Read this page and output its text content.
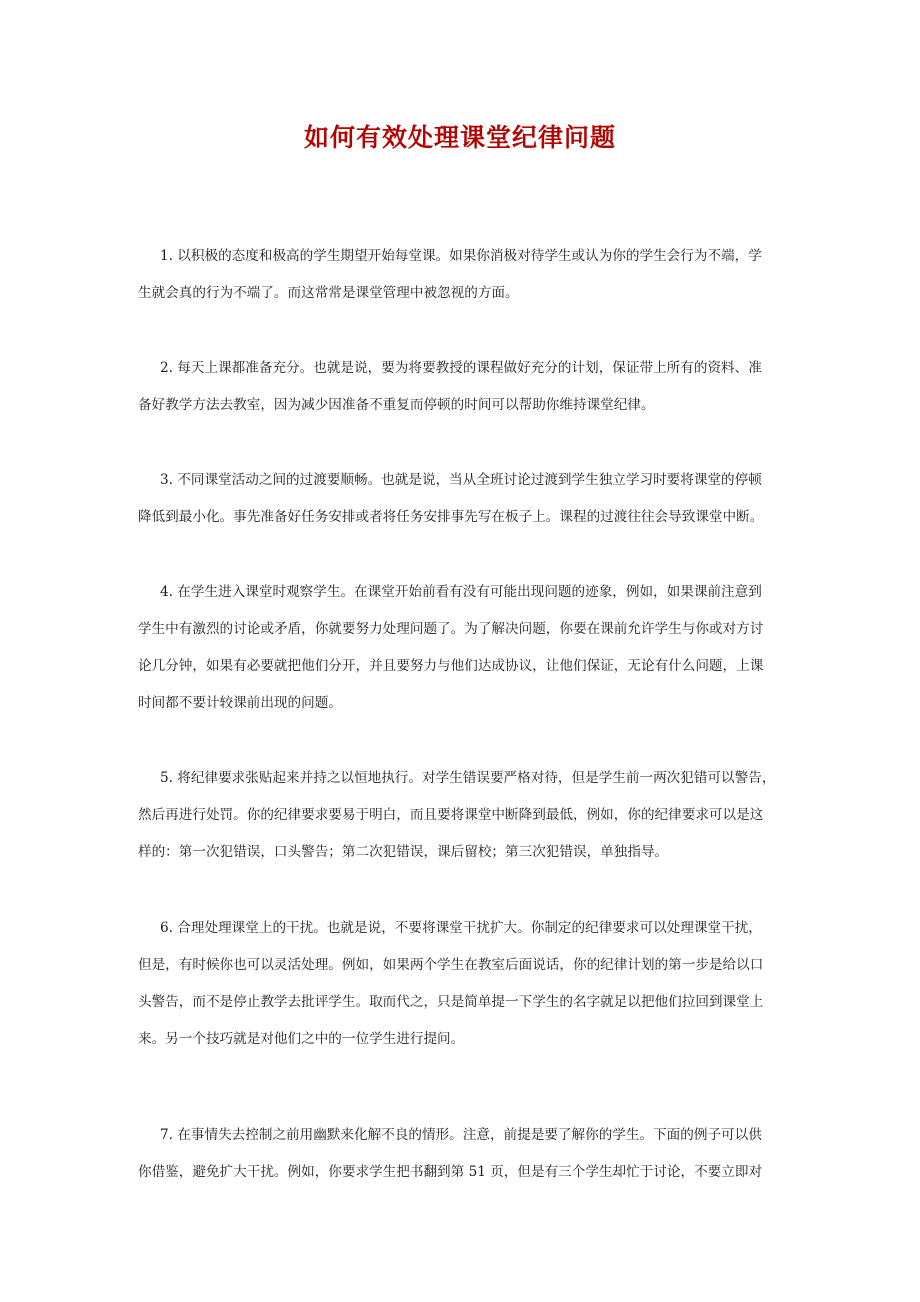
如何有效处理课堂纪律问题
1. 以积极的态度和极高的学生期望开始每堂课。如果你消极对待学生或认为你的学生会行为不端，学
生就会真的行为不端了。而这常常是课堂管理中被忽视的方面。
2. 每天上课都准备充分。也就是说，要为将要教授的课程做好充分的计划，保证带上所有的资料、准
备好教学方法去教室，因为减少因准备不重复而停顿的时间可以帮助你维持课堂纪律。
3. 不同课堂活动之间的过渡要顺畅。也就是说，当从全班讨论过渡到学生独立学习时要将课堂的停顿
降低到最小化。事先准备好任务安排或者将任务安排事先写在板子上。课程的过渡往往会导致课堂中断。
4. 在学生进入课堂时观察学生。在课堂开始前看有没有可能出现问题的迹象，例如，如果课前注意到
学生中有激烈的讨论或矛盾，你就要努力处理问题了。为了解决问题，你要在课前允许学生与你或对方讨
论几分钟，如果有必要就把他们分开，并且要努力与他们达成协议，让他们保证，无论有什么问题，上课
时间都不要计较课前出现的问题。
5. 将纪律要求张贴起来并持之以恒地执行。对学生错误要严格对待，但是学生前一两次犯错可以警告，
然后再进行处罚。你的纪律要求要易于明白，而且要将课堂中断降到最低，例如，你的纪律要求可以是这
样的：第一次犯错误，口头警告；第二次犯错误，课后留校；第三次犯错误，单独指导。
6. 合理处理课堂上的干扰。也就是说，不要将课堂干扰扩大。你制定的纪律要求可以处理课堂干扰，
但是，有时候你也可以灵活处理。例如，如果两个学生在教室后面说话，你的纪律计划的第一步是给以口
头警告，而不是停止教学去批评学生。取而代之，只是简单提一下学生的名字就足以把他们拉回到课堂上
来。另一个技巧就是对他们之中的一位学生进行提问。
7. 在事情失去控制之前用幽默来化解不良的情形。注意，前提是要了解你的学生。下面的例子可以供
你借鉴，避免扩大干扰。例如，你要求学生把书翻到第 51 页，但是有三个学生却忙于讨论，不要立即对
